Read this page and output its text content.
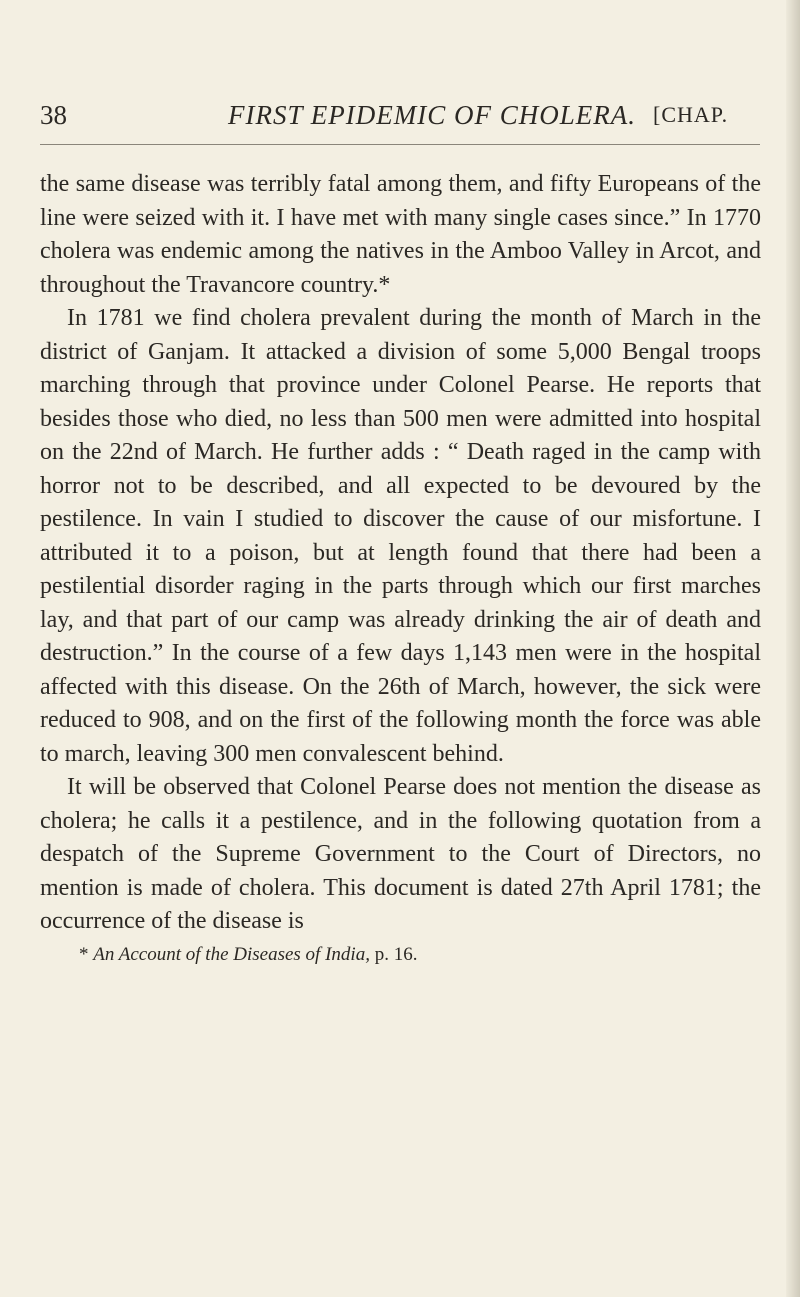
38	FIRST EPIDEMIC OF CHOLERA. [CHAP.

the same disease was terribly fatal among them, and fifty Europeans of the line were seized with it. I have met with many single cases since.” In 1770 cholera was endemic among the natives in the Amboo Valley in Arcot, and throughout the Travancore country.*

In 1781 we find cholera prevalent during the month of March in the district of Ganjam. It attacked a division of some 5,000 Bengal troops marching through that province under Colonel Pearse. He reports that besides those who died, no less than 500 men were admitted into hospital on the 22nd of March. He further adds : “ Death raged in the camp with horror not to be described, and all expected to be devoured by the pestilence. In vain I studied to discover the cause of our misfortune. I attributed it to a poison, but at length found that there had been a pestilential disorder raging in the parts through which our first marches lay, and that part of our camp was already drinking the air of death and destruction.” In the course of a few days 1,143 men were in the hospital affected with this disease. On the 26th of March, however, the sick were reduced to 908, and on the first of the following month the force was able to march, leaving 300 men convalescent behind.

It will be observed that Colonel Pearse does not mention the disease as cholera; he calls it a pestilence, and in the following quotation from a despatch of the Supreme Government to the Court of Directors, no mention is made of cholera. This document is dated 27th April 1781; the occurrence of the disease is

* An Account of the Diseases of India, p. 16.
